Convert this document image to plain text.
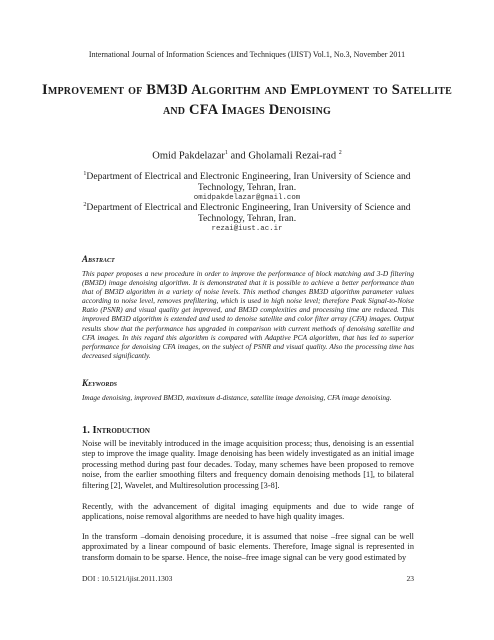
International Journal of Information Sciences and Techniques (IJIST) Vol.1, No.3, November 2011
Improvement of BM3D Algorithm and Employment to Satellite and CFA Images Denoising
Omid Pakdelazar$^1$ and Gholamali Rezai-rad $^2$
$^1$Department of Electrical and Electronic Engineering, Iran University of Science and Technology, Tehran, Iran.
omidpakdelazar@gmail.com
$^2$Department of Electrical and Electronic Engineering, Iran University of Science and Technology, Tehran, Iran.
rezai@iust.ac.ir
Abstract
This paper proposes a new procedure in order to improve the performance of block matching and 3-D filtering (BM3D) image denoising algorithm. It is demonstrated that it is possible to achieve a better performance than that of BM3D algorithm in a variety of noise levels. This method changes BM3D algorithm parameter values according to noise level, removes prefiltering, which is used in high noise level; therefore Peak Signal-to-Noise Ratio (PSNR) and visual quality get improved, and BM3D complexities and processing time are reduced. This improved BM3D algorithm is extended and used to denoise satellite and color filter array (CFA) images. Output results show that the performance has upgraded in comparison with current methods of denoising satellite and CFA images. In this regard this algorithm is compared with Adaptive PCA algorithm, that has led to superior performance for denoising CFA images, on the subject of PSNR and visual quality. Also the processing time has decreased significantly.
Keywords
Image denoising, improved BM3D, maximum d-distance, satellite image denoising, CFA image denoising.
1. Introduction
Noise will be inevitably introduced in the image acquisition process; thus, denoising is an essential step to improve the image quality. Image denoising has been widely investigated as an initial image processing method during past four decades. Today, many schemes have been proposed to remove noise, from the earlier smoothing filters and frequency domain denoising methods [1], to bilateral filtering [2], Wavelet, and Multiresolution processing [3-8].
Recently, with the advancement of digital imaging equipments and due to wide range of applications, noise removal algorithms are needed to have high quality images.
In the transform –domain denoising procedure, it is assumed that noise –free signal can be well approximated by a linear compound of basic elements. Therefore, Image signal is represented in transform domain to be sparse. Hence, the noise–free image signal can be very good estimated by
DOI : 10.5121/ijist.2011.1303	23
